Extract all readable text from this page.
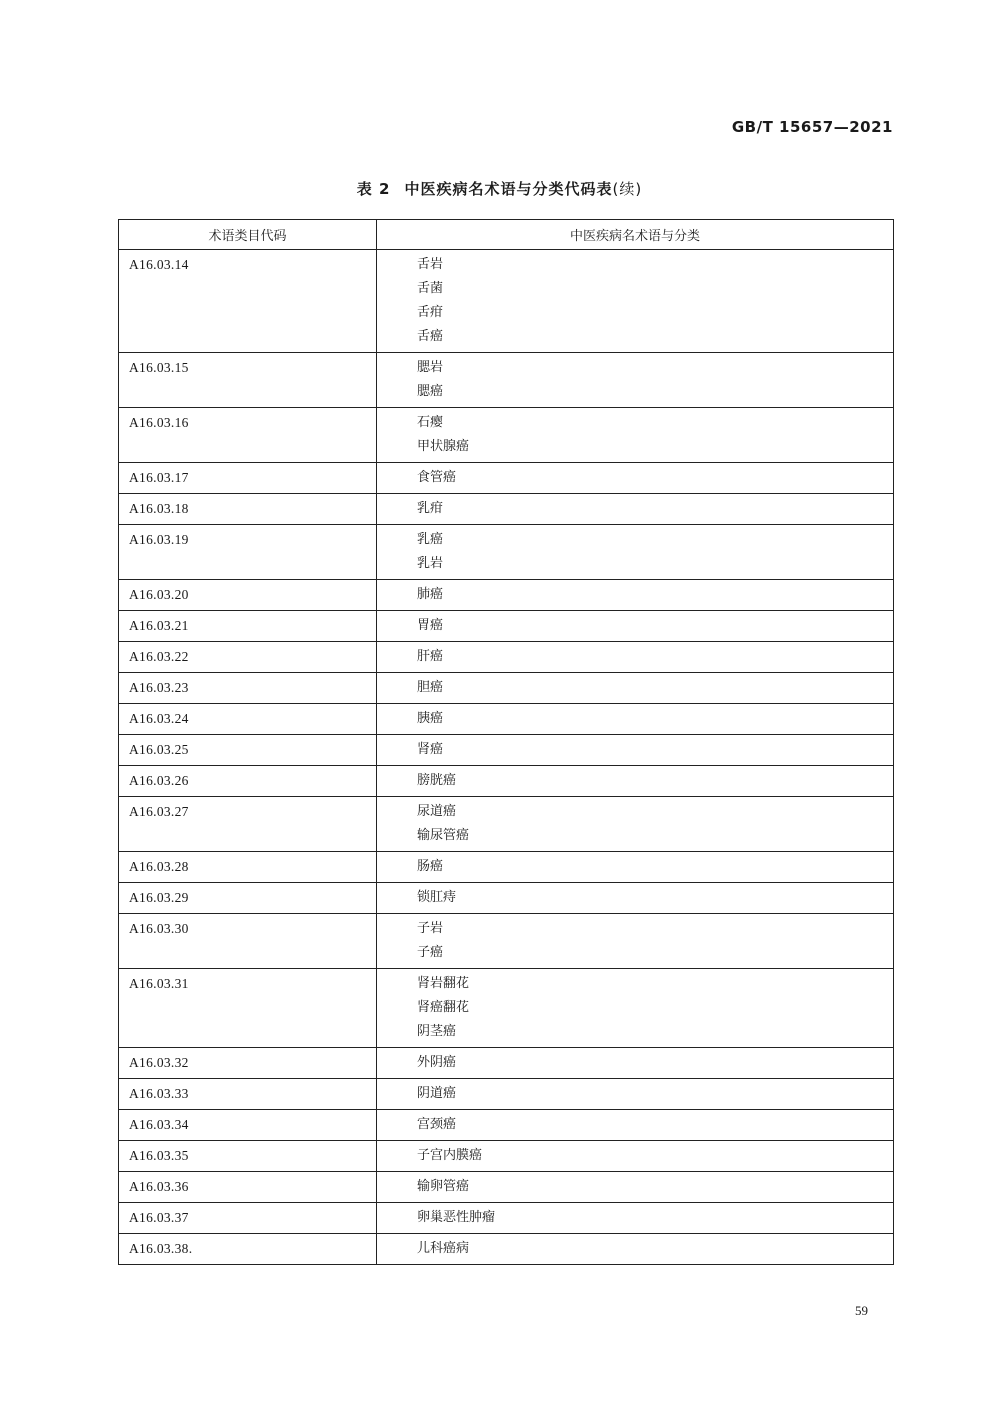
GB/T 15657—2021
表 2 中医疾病名术语与分类代码表(续)
术语类目代码	中医疾病名术语与分类
A16.03.14	舌岩
舌菌
舌疳
舌癌

A16.03.15	腮岩
腮癌

A16.03.16	石瘿
甲状腺癌

A16.03.17	食管癌

A16.03.18	乳疳

A16.03.19	乳癌
乳岩

A16.03.20	肺癌

A16.03.21	胃癌

A16.03.22	肝癌

A16.03.23	胆癌

A16.03.24	胰癌

A16.03.25	肾癌

A16.03.26	膀胱癌

A16.03.27	尿道癌
输尿管癌

A16.03.28	肠癌

A16.03.29	锁肛痔

A16.03.30	子岩
子癌

A16.03.31	肾岩翻花
肾癌翻花
阴茎癌

A16.03.32	外阴癌

A16.03.33	阴道癌

A16.03.34	宫颈癌

A16.03.35	子宫内膜癌

A16.03.36	输卵管癌

A16.03.37	卵巢恶性肿瘤

A16.03.38.	儿科癌病
59
